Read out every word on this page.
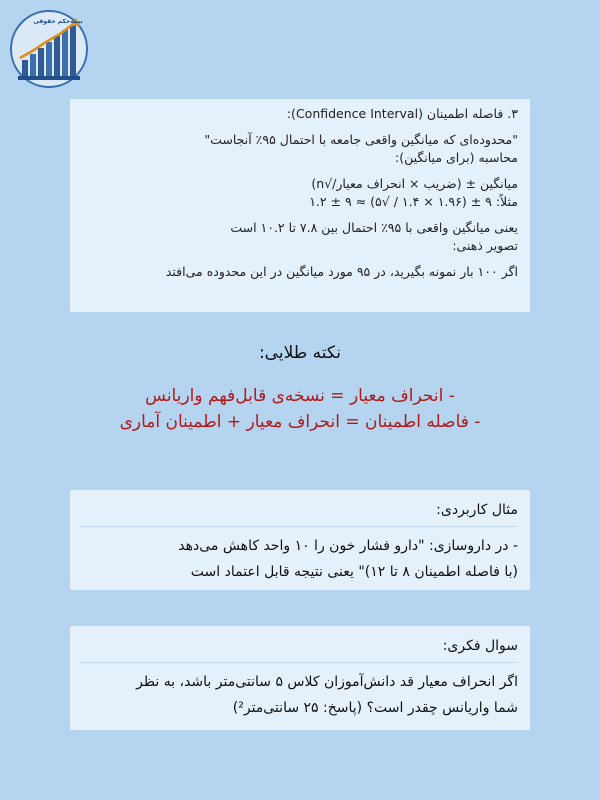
بیمه‌حکم حقوقی
۳. فاصله اطمینان (Confidence Interval):
"محدوده‌ای که میانگین واقعی جامعه با احتمال ۹۵٪ آنجاست"
محاسبه (برای میانگین):
میانگین ± (ضریب × انحراف معیار/√n)
مثلاً: ۹ ± (۱.۹۶ × ۱.۴ / √۵) ≈ ۹ ± ۱.۲
یعنی میانگین واقعی با ۹۵٪ احتمال بین ۷.۸ تا ۱۰.۲ است
تصویر ذهنی:
اگر ۱۰۰ بار نمونه بگیرید، در ۹۵ مورد میانگین در این محدوده می‌افتد
نکته طلایی:
- انحراف معیار = نسخه‌ی قابل‌فهم واریانس
- فاصله اطمینان = انحراف معیار + اطمینان آماری
مثال کاربردی:
- در داروسازی: "دارو فشار خون را ۱۰ واحد کاهش می‌دهد
(با فاصله اطمینان ۸ تا ۱۲)" یعنی نتیجه قابل اعتماد است
سوال فکری:
اگر انحراف معیار قد دانش‌آموزان کلاس ۵ سانتی‌متر باشد، به نظر
شما واریانس چقدر است؟ (پاسخ: ۲۵ سانتی‌متر²)
